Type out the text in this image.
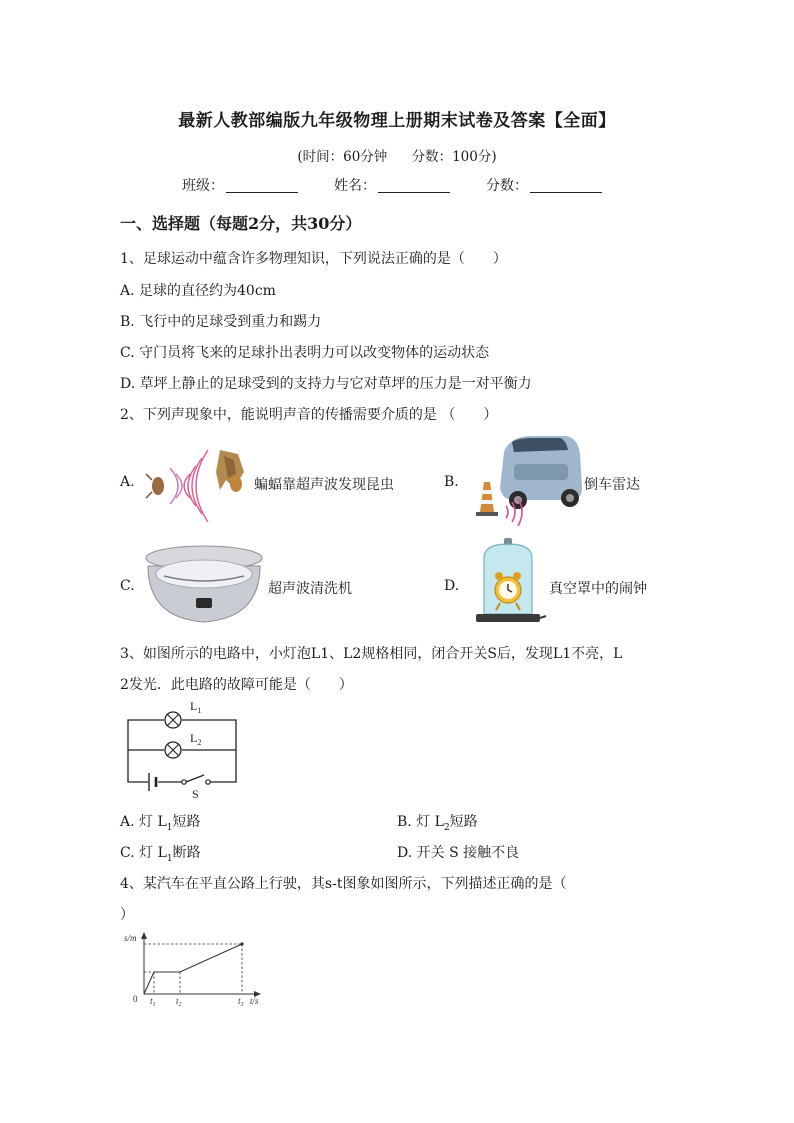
最新人教部编版九年级物理上册期末试卷及答案【全面】
(时间：60分钟 分数：100分)
班级：	姓名：	分数：
一、选择题（每题2分，共30分）
1、足球运动中蕴含许多物理知识，下列说法正确的是（　　）
A. 足球的直径约为40cm
B. 飞行中的足球受到重力和踢力
C. 守门员将飞来的足球扑出表明力可以改变物体的运动状态
D. 草坪上静止的足球受到的支持力与它对草坪的压力是一对平衡力
2、下列声现象中，能说明声音的传播需要介质的是 （　　）
A.	蝙蝠靠超声波发现昆虫	B.	倒车雷达
C.	超声波清洗机	D.	真空罩中的闹钟
3、如图所示的电路中，小灯泡L1、L2规格相同，闭合开关S后，发现L1不亮，L
2发光．此电路的故障可能是（　　）
$L_1$
$L_2$
S
A. 灯 $L_1$短路	B. 灯 $L_2$短路
C. 灯 $L_1$断路	D. 开关 S 接触不良
4、某汽车在平直公路上行驶，其s-t图象如图所示，下列描述正确的是（
）
s/m
0 $t_1$ $t_2$	$t_3$ t/s
